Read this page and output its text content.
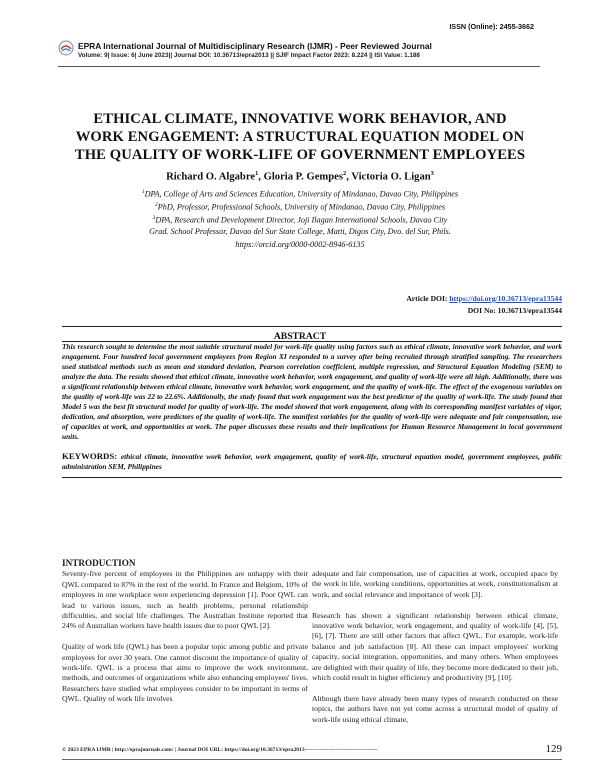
ISSN (Online): 2455-3662
EPRA International Journal of Multidisciplinary Research (IJMR) - Peer Reviewed Journal
Volume: 9| Issue: 6| June 2023|| Journal DOI: 10.36713/epra2013 || SJIF Impact Factor 2023: 8.224 || ISI Value: 1.188
ETHICAL CLIMATE, INNOVATIVE WORK BEHAVIOR, AND
WORK ENGAGEMENT: A STRUCTURAL EQUATION MODEL ON
THE QUALITY OF WORK-LIFE OF GOVERNMENT EMPLOYEES
Richard O. Algabre$^1$, Gloria P. Gempes$^2$, Victoria O. Ligan$^3$
$^1$DPA, College of Arts and Sciences Education, University of Mindanao, Davao City, Philippines
$^2$PhD, Professor, Professional Schools, University of Mindanao, Davao City, Philippines
$^3$DPA, Research and Development Director, Joji Ilagan International Schools, Davao City
Grad. School Professor, Davao del Sur State College, Matti, Digos City, Dvo. del Sur, Phils.
https://orcid.org/0000-0002-8946-6135
Article DOI: https://doi.org/10.36713/epra13544
DOI No: 10.36713/epra13544
ABSTRACT
This research sought to determine the most suitable structural model for work-life quality using factors such as ethical climate, innovative work behavior, and work engagement. Four hundred local government employees from Region XI responded to a survey after being recruited through stratified sampling. The researchers used statistical methods such as mean and standard deviation, Pearson correlation coefficient, multiple regression, and Structural Equation Modeling (SEM) to analyze the data. The results showed that ethical climate, innovative work behavior, work engagement, and quality of work-life were all high. Additionally, there was a significant relationship between ethical climate, innovative work behavior, work engagement, and the quality of work-life. The effect of the exogenous variables on the quality of work-life was 22 to 22.6%. Additionally, the study found that work engagement was the best predictor of the quality of work-life. The study found that Model 5 was the best fit structural model for quality of work-life. The model showed that work engagement, along with its corresponding manifest variables of vigor, dedication, and absorption, were predictors of the quality of work-life. The manifest variables for the quality of work-life were adequate and fair compensation, use of capacities at work, and opportunities at work. The paper discusses these results and their implications for Human Resource Management in local government units.
KEYWORDS: ethical climate, innovative work behavior, work engagement, quality of work-life, structural equation model, government employees, public administration SEM, Philippines
INTRODUCTION

Seventy-five percent of employees in the Philippines are unhappy with their QWL compared to 87% in the rest of the world. In France and Belgium, 10% of employees in one workplace were experiencing depression [1]. Poor QWL can lead to various issues, such as health problems, personal relationship difficulties, and social life challenges. The Australian Institute reported that 24% of Australian workers have health issues due to poor QWL [2].

Quality of work life (QWL) has been a popular topic among public and private employees for over 30 years. One cannot discount the importance of quality of work-life. QWL is a process that aims to improve the work environment, methods, and outcomes of organizations while also enhancing employees' lives. Researchers have studied what employees consider to be important in terms of QWL. Quality of work life involves

adequate and fair compensation, use of capacities at work, occupied space by the work in life, working conditions, opportunities at work, constitutionalism at work, and social relevance and importance of work [3].

Research has shown a significant relationship between ethical climate, innovative work behavior, work engagement, and quality of work-life [4], [5], [6], [7]. There are still other factors that affect QWL. For example, work-life balance and job satisfaction [8]. All these can impact employees' working capacity, social integration, opportunities, and many others. When employees are delighted with their quality of life, they become more dedicated to their job, which could result in higher efficiency and productivity [9], [10].

Although there have already been many types of research conducted on these topics, the authors have not yet come across a structural model of quality of work-life using ethical climate,

© 2023 EPRA IJMR | http://eprajournals.com/ | Journal DOI URL: https://doi.org/10.36713/epra2013---------------------------------------	129
